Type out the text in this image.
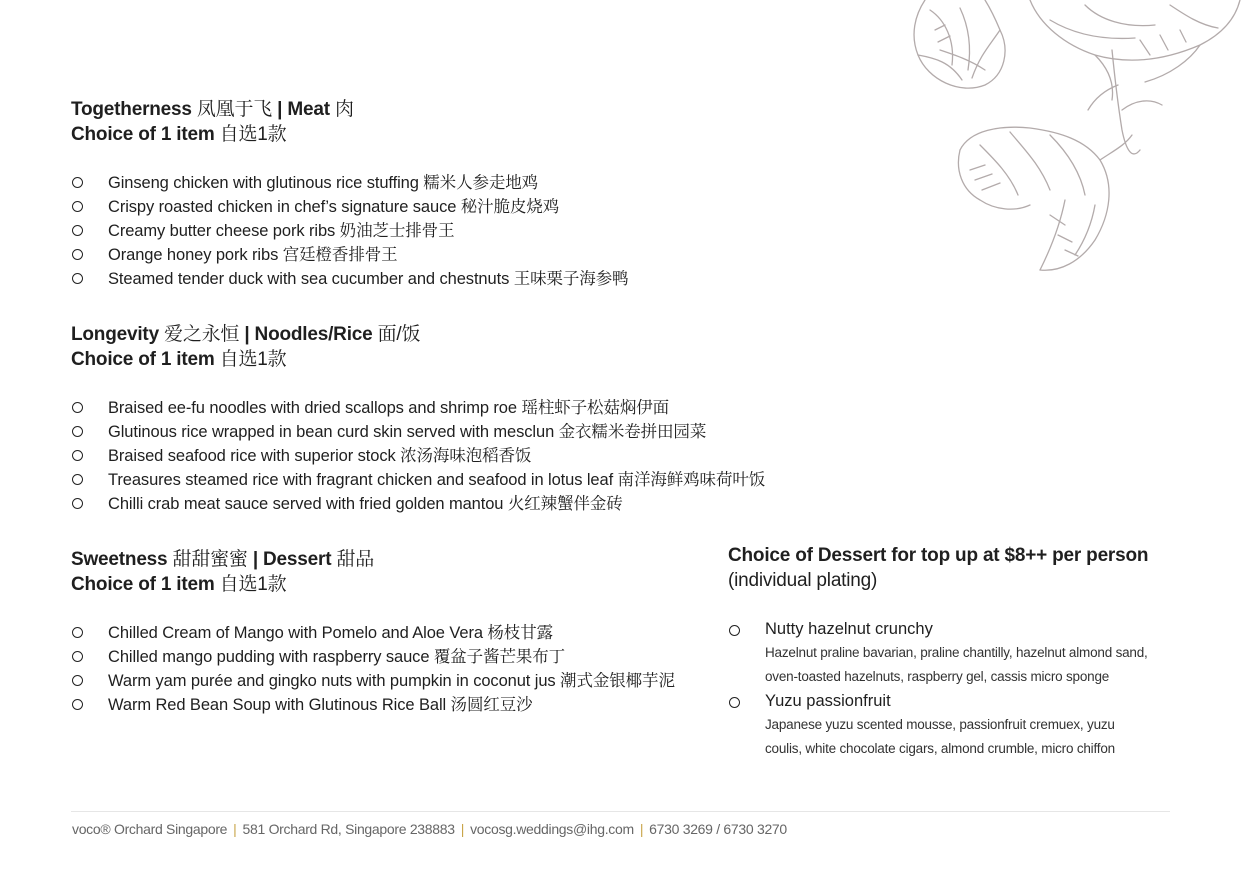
Togetherness 凤凰于飞 | Meat 肉
Choice of 1 item 自选1款
Ginseng chicken with glutinous rice stuffing 糯米人参走地鸡
Crispy roasted chicken in chef’s signature sauce 秘汁脆皮烧鸡
Creamy butter cheese pork ribs 奶油芝士排骨王
Orange honey pork ribs 宫廷橙香排骨王
Steamed tender duck with sea cucumber and chestnuts 王味栗子海参鸭
Longevity 爱之永恒 | Noodles/Rice 面/饭
Choice of 1 item 自选1款
Braised ee-fu noodles with dried scallops and shrimp roe 瑶柱虾子松菇焖伊面
Glutinous rice wrapped in bean curd skin served with mesclun 金衣糯米卷拼田园菜
Braised seafood rice with superior stock 浓汤海味泡稻香饭
Treasures steamed rice with fragrant chicken and seafood in lotus leaf 南洋海鲜鸡味荷叶饭
Chilli crab meat sauce served with fried golden mantou 火红辣蟹伴金砖
Sweetness 甜甜蜜蜜 | Dessert 甜品
Choice of 1 item 自选1款
Chilled Cream of Mango with Pomelo and Aloe Vera 杨枝甘露
Chilled mango pudding with raspberry sauce 覆盆子酱芒果布丁
Warm yam purée and gingko nuts with pumpkin in coconut jus 潮式金银椰芋泥
Warm Red Bean Soup with Glutinous Rice Ball 汤圆红豆沙
Choice of Dessert for top up at $8++ per person
(individual plating)
Nutty hazelnut crunchy
Hazelnut praline bavarian, praline chantilly, hazelnut almond sand,
oven-toasted hazelnuts, raspberry gel, cassis micro sponge
Yuzu passionfruit
Japanese yuzu scented mousse, passionfruit cremuex, yuzu
coulis, white chocolate cigars, almond crumble, micro chiffon
voco® Orchard Singapore | 581 Orchard Rd, Singapore 238883 | vocosg.weddings@ihg.com | 6730 3269 / 6730 3270
